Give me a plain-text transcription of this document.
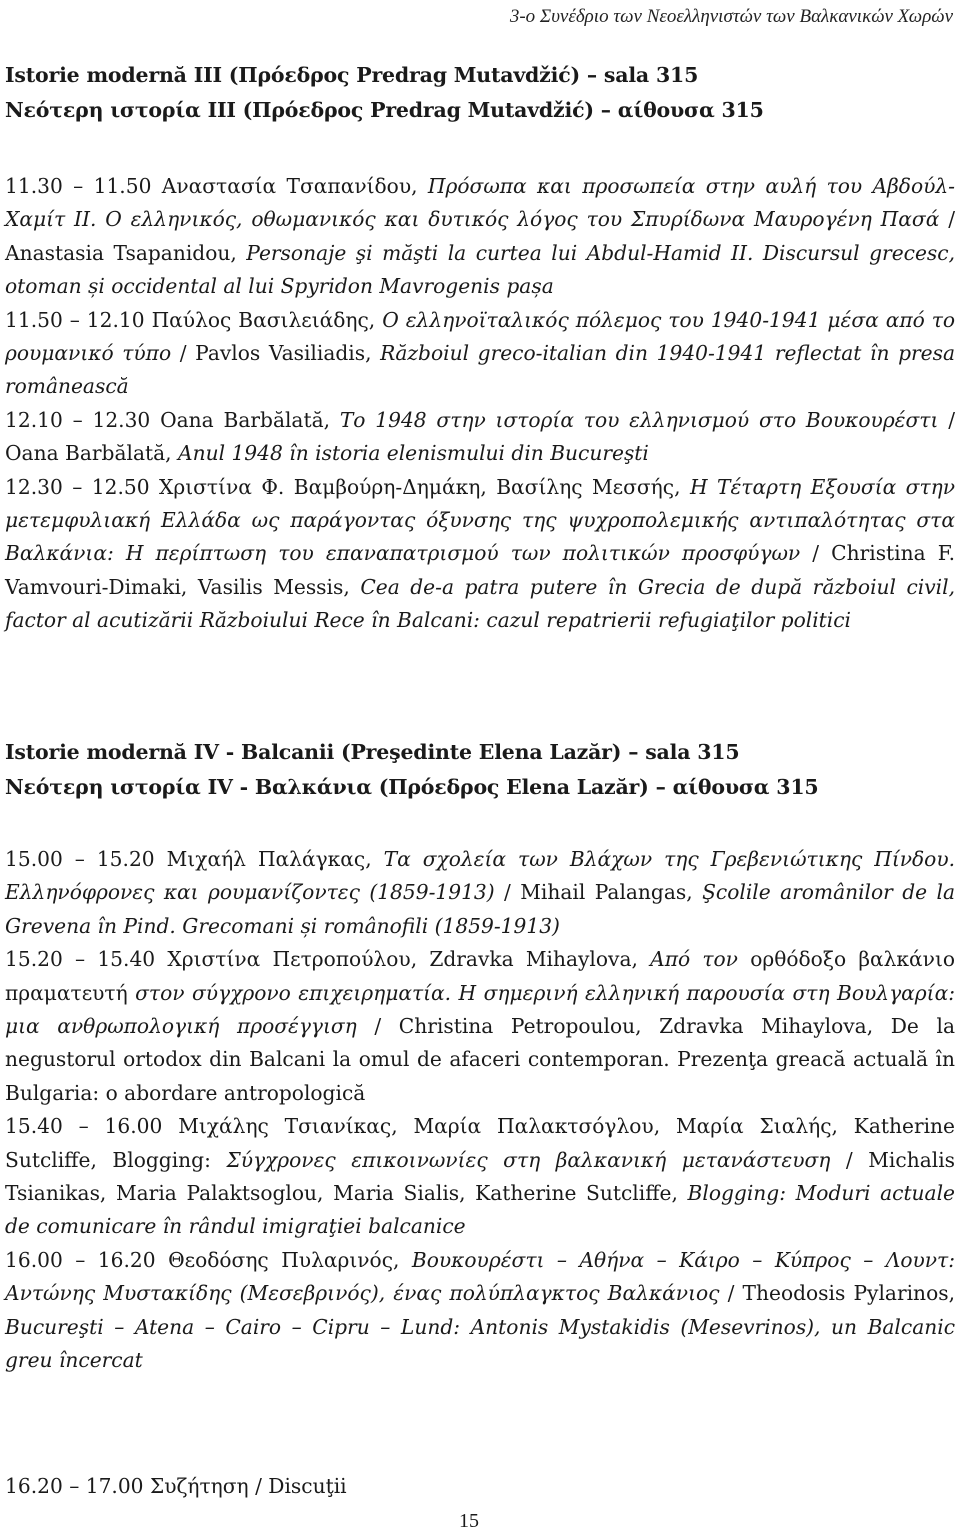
3-ο Συνέδριο των Νεοελληνιστών των Βαλκανικών Χωρών

Istorie modernă III (Πρόεδρος Predrag Mutavdžić) – sala 315

Νεότερη ιστορία III (Πρόεδρος Predrag Mutavdžić) – αίθουσα 315

11.30 – 11.50 Αναστασία Τσαπανίδου, Πρόσωπα και προσωπεία στην αυλή του Αβδούλ-Χαμίτ ΙΙ. Ο ελληνικός, οθωμανικός και δυτικός λόγος του Σπυρίδωνα Μαυρογένη Πασά / Anastasia Tsapanidou, Personaje şi măşti la curtea lui Abdul-Hamid II. Discursul grecesc, otoman și occidental al lui Spyridon Mavrogenis pașa

11.50 – 12.10 Παύλος Βασιλειάδης, Ο ελληνοϊταλικός πόλεμος του 1940-1941 μέσα από το ρουμανικό τύπο / Pavlos Vasiliadis, Războiul greco-italian din 1940-1941 reflectat în presa românească

12.10 – 12.30 Oana Barbălată, Το 1948 στην ιστορία του ελληνισμού στο Βουκουρέστι / Oana Barbălată, Anul 1948 în istoria elenismului din Bucureşti

12.30 – 12.50 Χριστίνα Φ. Βαμβούρη-Δημάκη, Βασίλης Μεσσής, Η Τέταρτη Εξουσία στην μετεμφυλιακή Ελλάδα ως παράγοντας όξυνσης της ψυχροπολεμικής αντιπαλότητας στα Βαλκάνια: Η περίπτωση του επαναπατρισμού των πολιτικών προσφύγων / Christina F. Vamvouri-Dimaki, Vasilis Messis, Cea de-a patra putere în Grecia de după războiul civil, factor al acutizării Războiului Rece în Balcani: cazul repatrierii refugiaţilor politici

Istorie modernă IV - Balcanii (Preşedinte Elena Lazăr) – sala 315

Νεότερη ιστορία IV - Βαλκάνια (Πρόεδρος Elena Lazăr) – αίθουσα 315

15.00 – 15.20 Μιχαήλ Παλάγκας, Τα σχολεία των Βλάχων της Γρεβενιώτικης Πίνδου. Ελληνόφρονες και ρουμανίζοντες (1859-1913) / Mihail Palangas, Şcolile aromânilor de la Grevena în Pind. Grecomani și românofili (1859-1913)

15.20 – 15.40 Χριστίνα Πετροπούλου, Zdravka Mihaylova, Από τον ορθόδοξο βαλκάνιο πραματευτή στον σύγχρονο επιχειρηματία. Η σημερινή ελληνική παρουσία στη Βουλγαρία: μια ανθρωπολογική προσέγγιση / Christina Petropoulou, Zdravka Mihaylova, De la negustorul ortodox din Balcani la omul de afaceri contemporan. Prezenţa greacă actuală în Bulgaria: o abordare antropologică

15.40 – 16.00 Μιχάλης Τσιανίκας, Μαρία Παλακτσόγλου, Μαρία Σιαλής, Katherine Sutcliffe, Blogging: Σύγχρονες επικοινωνίες στη βαλκανική μετανάστευση / Michalis Tsianikas, Maria Palaktsoglou, Maria Sialis, Katherine Sutcliffe, Blogging: Moduri actuale de comunicare în rândul imigraţiei balcanice

16.00 – 16.20 Θεοδόσης Πυλαρινός, Βουκουρέστι – Αθήνα – Κάιρο – Κύπρος – Λουντ: Αντώνης Μυστακίδης (Μεσεβρινός), ένας πολύπλαγκτος Βαλκάνιος / Theodosis Pylarinos, Bucureşti – Atena – Cairo – Cipru – Lund: Antonis Mystakidis (Mesevrinos), un Balcanic greu încercat

16.20 – 17.00 Συζήτηση / Discuţii

15
